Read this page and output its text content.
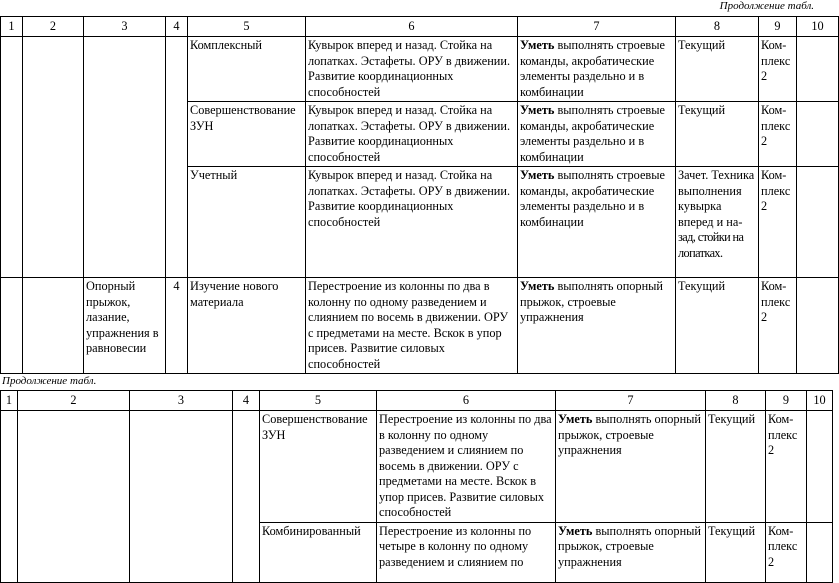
Продолжение табл.
1	2	3	4	5	6	7	8	9	10
				Комплексный	Кувырок вперед и назад. Стойка на лопатках. Эстафеты. ОРУ в движении. Развитие координационных способностей	Уметь выполнять строевые команды, акробатические элементы раздельно и в комбинации	Текущий	Ком-плекс 2	
				Совершенствование ЗУН	Кувырок вперед и назад. Стойка на лопатках. Эстафеты. ОРУ в движении. Развитие координационных способностей	Уметь выполнять строевые команды, акробатические элементы раздельно и в комбинации	Текущий	Ком-плекс 2	
				Учетный	Кувырок вперед и назад. Стойка на лопатках. Эстафеты. ОРУ в движении. Развитие координационных способностей	Уметь выполнять строевые команды, акробатические элементы раздельно и в комбинации	Зачет. Техника выполнения кувырка вперед и на- зад, стойки на лопатках.	Ком-плекс 2	
		Опорный прыжок, лазание, упражнения в равновесии	4	Изучение нового материала	Перестроение из колонны по два в колонну по одному разведением и слиянием по восемь в движении. ОРУ с предметами на месте. Вскок в упор присев. Развитие силовых способностей	Уметь выполнять опорный прыжок, строевые упражнения	Текущий	Ком-плекс 2	
Продолжение табл.
1	2	3	4	5	6	7	8	9	10
				Совершенствование ЗУН	Перестроение из колонны по два в колонну по одному разведением и слиянием по восемь в движении. ОРУ с предметами на месте. Вскок в упор присев. Развитие силовых способностей	Уметь выполнять опорный прыжок, строевые упражнения	Текущий	Ком-плекс 2	
				Комбинированный	Перестроение из колонны по четыре в колонну по одному разведением и слиянием по	Уметь выполнять опорный прыжок, строевые упражнения	Текущий	Ком-плекс 2	
